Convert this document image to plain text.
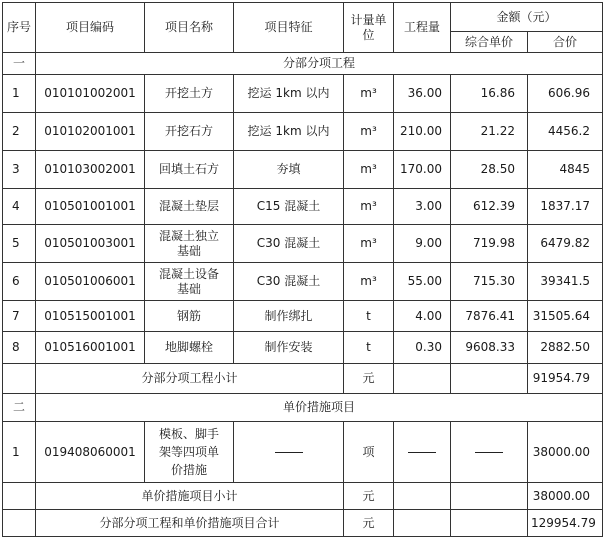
序号	项目编码	项目名称	项目特征	计量单位	工程量	金额（元）	
						综合单价	合价
一	分部分项工程						
1	010101002001	开挖土方	挖运 1km 以内	m³	36.00	16.86	606.96
2	010102001001	开挖石方	挖运 1km 以内	m³	210.00	21.22	4456.2
3	010103002001	回填土石方	夯填	m³	170.00	28.50	4845
4	010501001001	混凝土垫层	C15 混凝土	m³	3.00	612.39	1837.17
5	010501003001	混凝土独立基础	C30 混凝土	m³	9.00	719.98	6479.82
6	010501006001	混凝土设备基础	C30 混凝土	m³	55.00	715.30	39341.5
7	010515001001	钢筋	制作绑扎	t	4.00	7876.41	31505.64
8	010516001001	地脚螺栓	制作安装	t	0.30	9608.33	2882.50
	分部分项工程小计			元			91954.79
二	单价措施项目						
1	019408060001	模板、脚手架等四项单价措施		项			38000.00
	单价措施项目小计			元			38000.00
	分部分项工程和单价措施项目合计			元			129954.79
